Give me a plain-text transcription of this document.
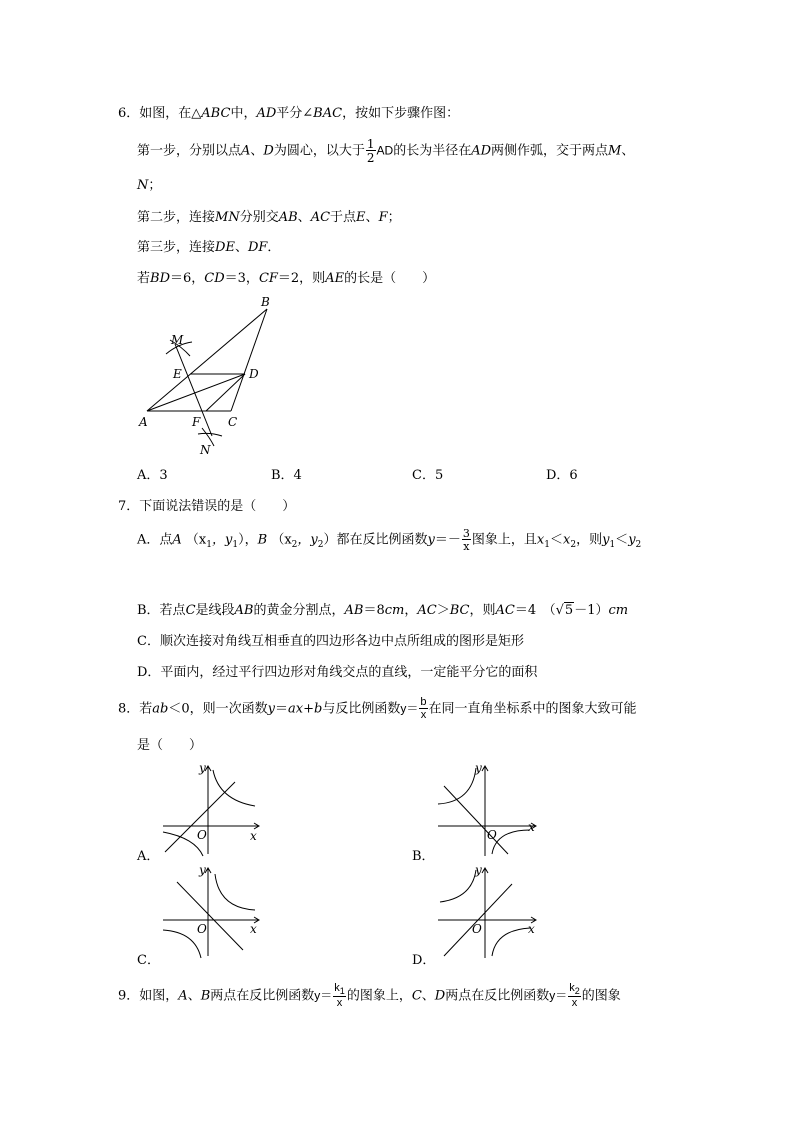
6．如图，在△ABC中，AD平分∠BAC，按如下步骤作图：
第一步，分别以点A、D为圆心，以大于 $\frac{1}{2}$ AD的长为半径在AD两侧作弧，交于两点M、
N；
第二步，连接MN分别交AB、AC于点E、F；
第三步，连接DE、DF．
若BD＝6，CD＝3，CF＝2，则AE的长是（　　）
B
M
E	D
A	F C
N
A．3	B．4	C．5	D．6
7．下面说法错误的是（　　）
A．点A （$x_1$，$y_1$），B （$x_2$，$y_2$）都在反比例函数$y=- \frac{3}{x}$ 图象上，且$x_1<x_2$，则$y_1<y_2$
B．若点C是线段AB的黄金分割点，AB＝8cm，AC＞BC，则AC＝4　（√5－1）cm
C．顺次连接对角线互相垂直的四边形各边中点所组成的图形是矩形
D．平面内，经过平行四边形对角线交点的直线，一定能平分它的面积
8．若ab＜0，则一次函数y＝ax+b与反比例函数$y= \frac{b}{x}$ 在同一直角坐标系中的图象大致可能
是（　　）
A．
y
x
O
B．
y
x
O
C．
y
x
O
D．
y
x
O
9．如图，A、B两点在反比例函数$y= \frac{k_1}{x}$ 的图象上，C、D两点在反比例函数$y= \frac{k_2}{x}$ 的图象
